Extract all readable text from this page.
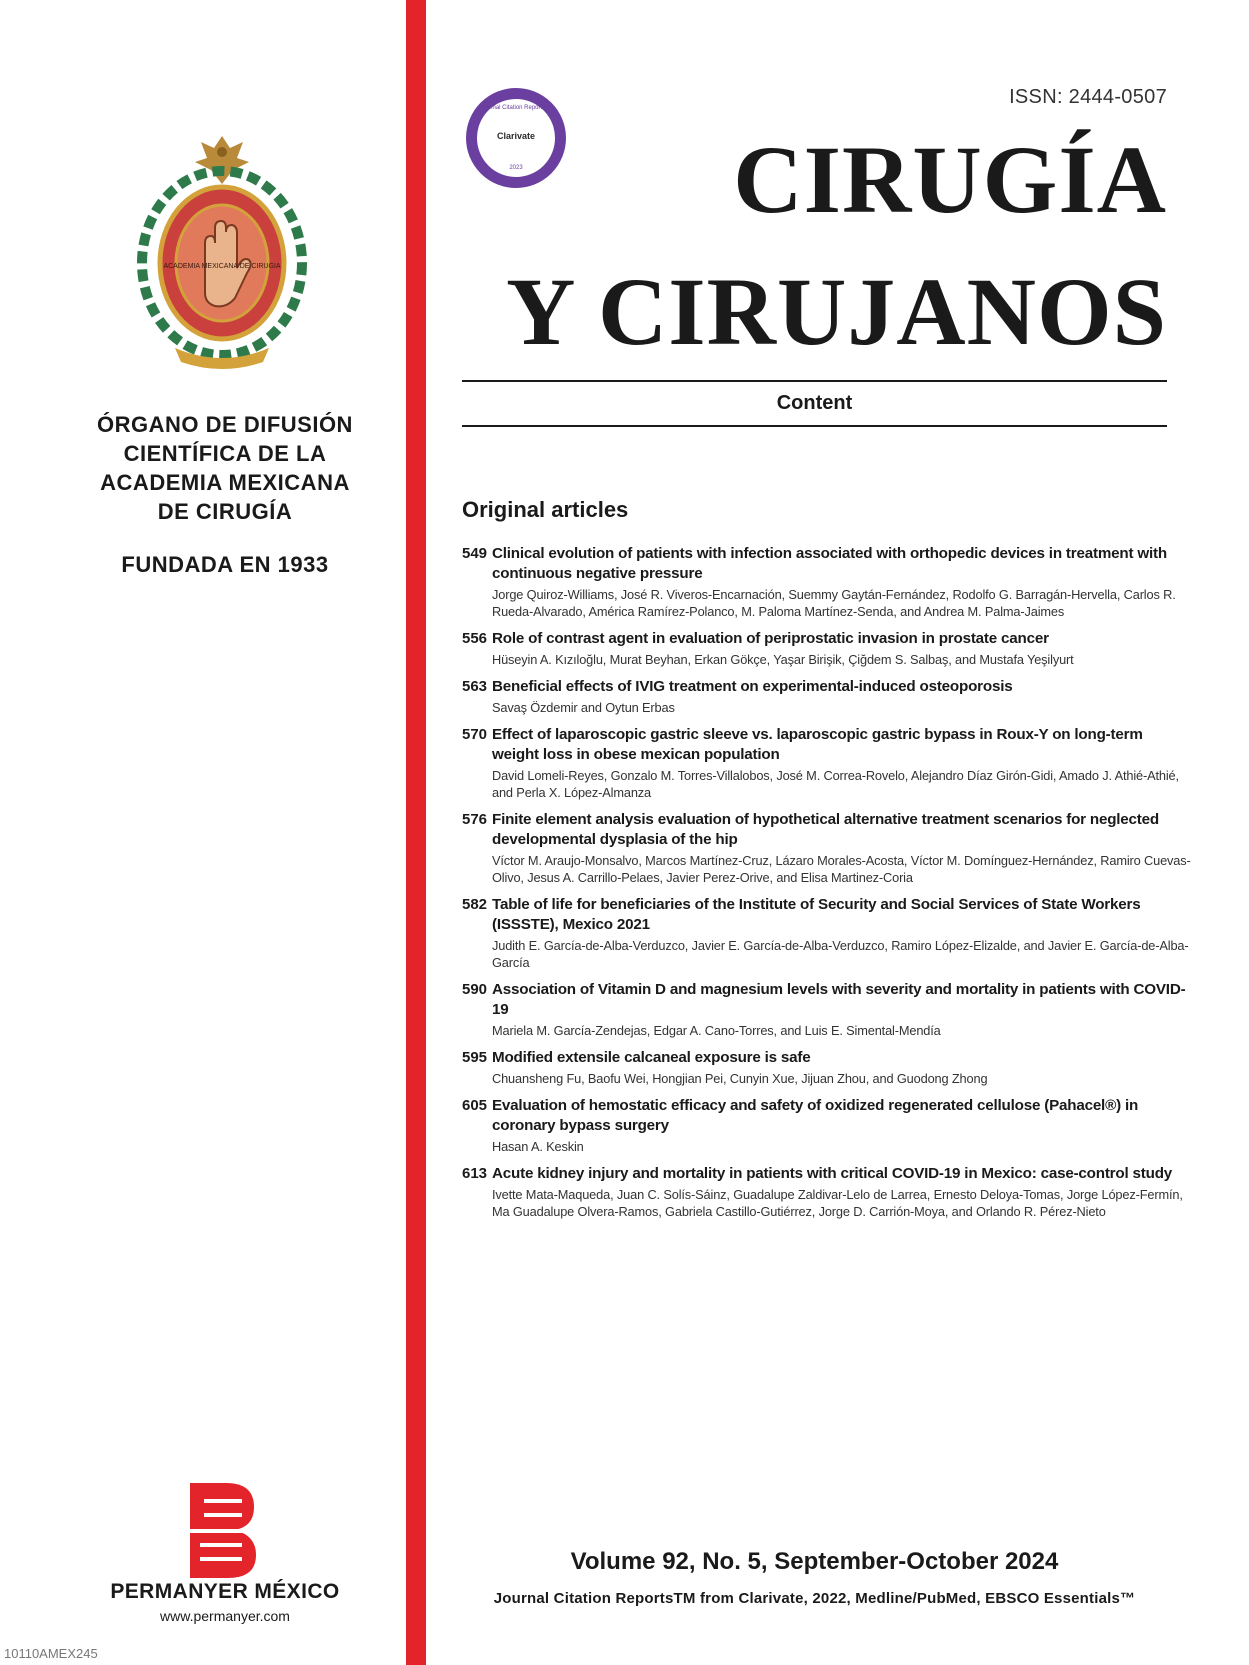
ACADEMIA MEXICANA DE CIRUGIA
ÓRGANO DE DIFUSIÓN
CIENTÍFICA DE LA
ACADEMIA MEXICANA
DE CIRUGÍA
FUNDADA EN 1933
PERMANYER MÉXICO
www.permanyer.com
10110AMEX245
Journal Citation Reports™
Clarivate
2023
ISSN: 2444-0507
CIRUGÍA
Y CIRUJANOS
Content
Original articles
549 Clinical evolution of patients with infection associated with orthopedic devices in treatment with continuous negative pressure
Jorge Quiroz-Williams, José R. Viveros-Encarnación, Suemmy Gaytán-Fernández, Rodolfo G. Barragán-Hervella, Carlos R. Rueda-Alvarado, América Ramírez-Polanco, M. Paloma Martínez-Senda, and Andrea M. Palma-Jaimes
556 Role of contrast agent in evaluation of periprostatic invasion in prostate cancer
Hüseyin A. Kızıloğlu, Murat Beyhan, Erkan Gökçe, Yaşar Birişik, Çiğdem S. Salbaş, and Mustafa Yeşilyurt
563 Beneficial effects of IVIG treatment on experimental-induced osteoporosis
Savaş Özdemir and Oytun Erbas
570 Effect of laparoscopic gastric sleeve vs. laparoscopic gastric bypass in Roux-Y on long-term weight loss in obese mexican population
David Lomeli-Reyes, Gonzalo M. Torres-Villalobos, José M. Correa-Rovelo, Alejandro Díaz Girón-Gidi, Amado J. Athié-Athié, and Perla X. López-Almanza
576 Finite element analysis evaluation of hypothetical alternative treatment scenarios for neglected developmental dysplasia of the hip
Víctor M. Araujo-Monsalvo, Marcos Martínez-Cruz, Lázaro Morales-Acosta, Víctor M. Domínguez-Hernández, Ramiro Cuevas-Olivo, Jesus A. Carrillo-Pelaes, Javier Perez-Orive, and Elisa Martinez-Coria
582 Table of life for beneficiaries of the Institute of Security and Social Services of State Workers (ISSSTE), Mexico 2021
Judith E. García-de-Alba-Verduzco, Javier E. García-de-Alba-Verduzco, Ramiro López-Elizalde, and Javier E. García-de-Alba-García
590 Association of Vitamin D and magnesium levels with severity and mortality in patients with COVID-19
Mariela M. García-Zendejas, Edgar A. Cano-Torres, and Luis E. Simental-Mendía
595 Modified extensile calcaneal exposure is safe
Chuansheng Fu, Baofu Wei, Hongjian Pei, Cunyin Xue, Jijuan Zhou, and Guodong Zhong
605 Evaluation of hemostatic efficacy and safety of oxidized regenerated cellulose (Pahacel®) in coronary bypass surgery
Hasan A. Keskin
613 Acute kidney injury and mortality in patients with critical COVID-19 in Mexico: case-control study
Ivette Mata-Maqueda, Juan C. Solís-Sáinz, Guadalupe Zaldivar-Lelo de Larrea, Ernesto Deloya-Tomas, Jorge López-Fermín, Ma Guadalupe Olvera-Ramos, Gabriela Castillo-Gutiérrez, Jorge D. Carrión-Moya, and Orlando R. Pérez-Nieto
Volume 92, No. 5, September-October 2024
Journal Citation ReportsTM from Clarivate, 2022, Medline/PubMed, EBSCO Essentials™
